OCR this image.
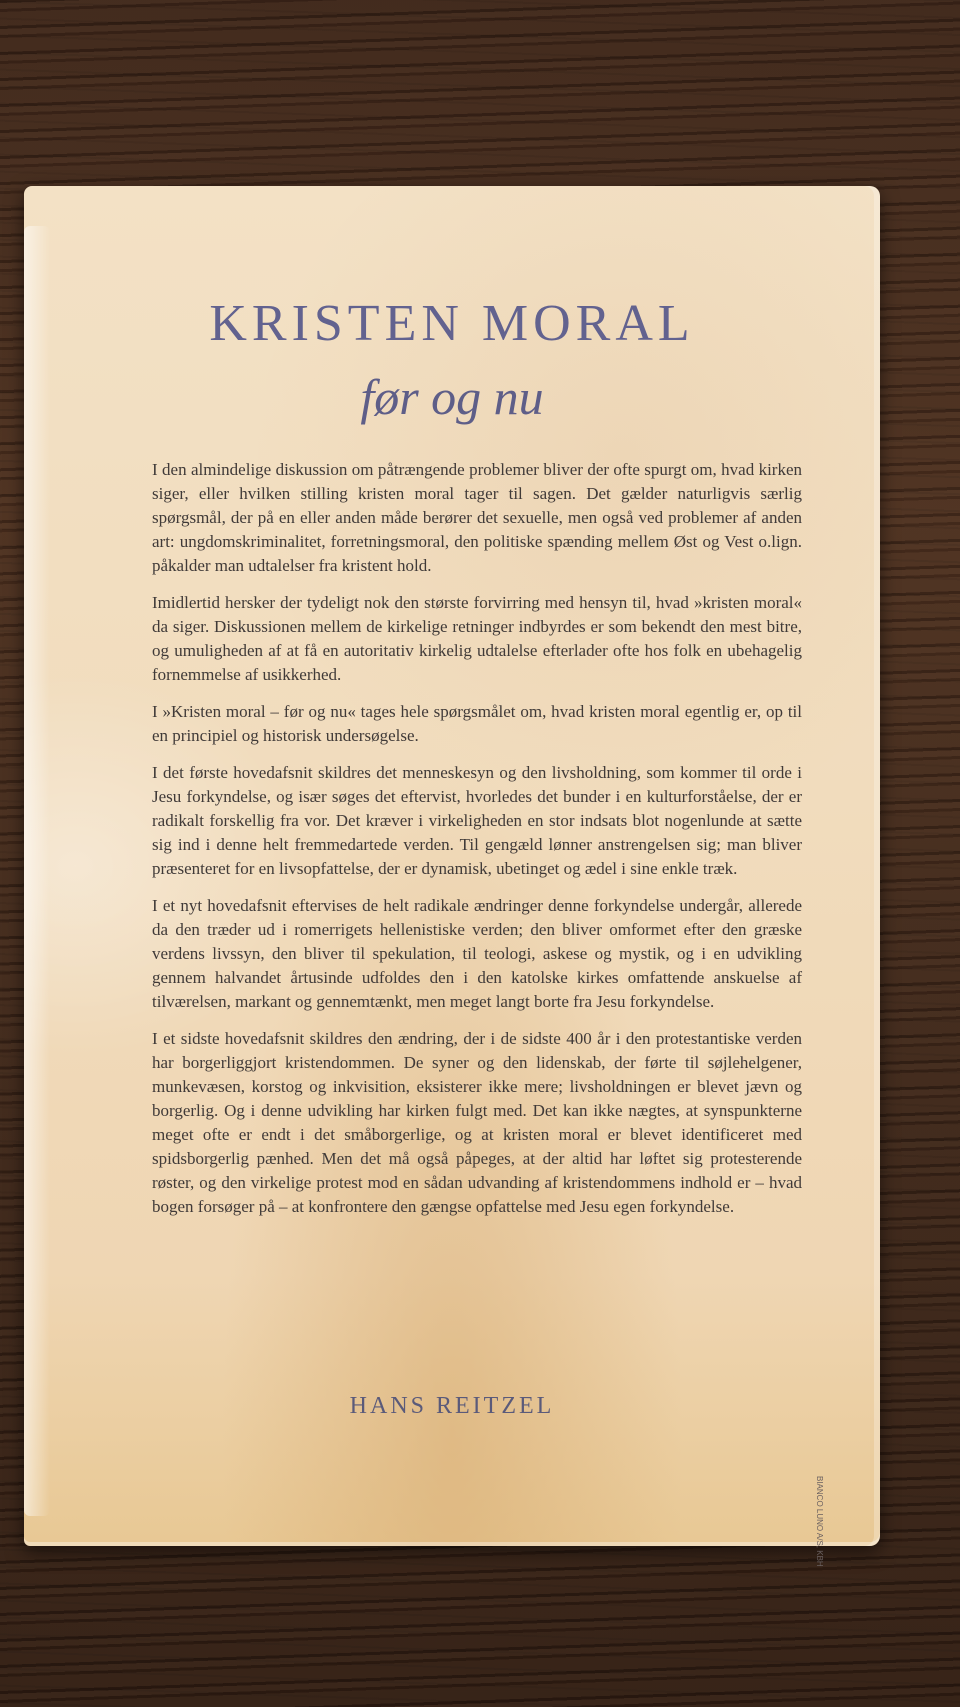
KRISTEN MORAL
før og nu

I den almindelige diskussion om påtrængende problemer bliver der ofte spurgt om, hvad kirken siger, eller hvilken stilling kristen moral tager til sagen. Det gælder naturligvis særlig spørgsmål, der på en eller anden måde berører det sexuelle, men også ved problemer af anden art: ungdomskriminalitet, forretningsmoral, den politiske spænding mellem Øst og Vest o.lign. påkalder man udtalelser fra kristent hold.

Imidlertid hersker der tydeligt nok den største forvirring med hensyn til, hvad »kristen moral« da siger. Diskussionen mellem de kirkelige retninger indbyrdes er som bekendt den mest bitre, og umuligheden af at få en autoritativ kirkelig udtalelse efterlader ofte hos folk en ubehagelig fornemmelse af usikkerhed.

I »Kristen moral – før og nu« tages hele spørgsmålet om, hvad kristen moral egentlig er, op til en principiel og historisk undersøgelse.

I det første hovedafsnit skildres det menneskesyn og den livsholdning, som kommer til orde i Jesu forkyndelse, og især søges det eftervist, hvorledes det bunder i en kulturforståelse, der er radikalt forskellig fra vor. Det kræver i virkeligheden en stor indsats blot nogenlunde at sætte sig ind i denne helt fremmedartede verden. Til gengæld lønner anstrengelsen sig; man bliver præsenteret for en livsopfattelse, der er dynamisk, ubetinget og ædel i sine enkle træk.

I et nyt hovedafsnit eftervises de helt radikale ændringer denne forkyndelse undergår, allerede da den træder ud i romerrigets hellenistiske verden; den bliver omformet efter den græske verdens livssyn, den bliver til spekulation, til teologi, askese og mystik, og i en udvikling gennem halvandet årtusinde udfoldes den i den katolske kirkes omfattende anskuelse af tilværelsen, markant og gennemtænkt, men meget langt borte fra Jesu forkyndelse.

I et sidste hovedafsnit skildres den ændring, der i de sidste 400 år i den protestantiske verden har borgerliggjort kristendommen. De syner og den lidenskab, der førte til søjlehelgener, munkevæsen, korstog og inkvisition, eksisterer ikke mere; livsholdningen er blevet jævn og borgerlig. Og i denne udvikling har kirken fulgt med. Det kan ikke nægtes, at synspunkterne meget ofte er endt i det småborgerlige, og at kristen moral er blevet identificeret med spidsborgerlig pænhed. Men det må også påpeges, at der altid har løftet sig protesterende røster, og den virkelige protest mod en sådan udvanding af kristendommens indhold er – hvad bogen forsøger på – at konfrontere den gængse opfattelse med Jesu egen forkyndelse.

HANS REITZEL
BIANCO LUNO A/S, KBH
